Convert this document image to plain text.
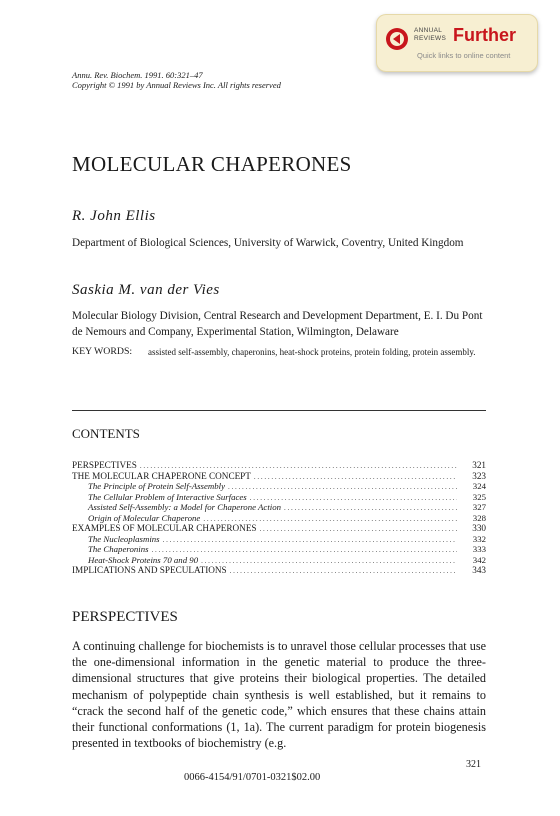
ANNUAL
REVIEWS Further
Quick links to online content
Annu. Rev. Biochem. 1991. 60:321–47
Copyright © 1991 by Annual Reviews Inc. All rights reserved
MOLECULAR CHAPERONES
R. John Ellis
Department of Biological Sciences, University of Warwick, Coventry, United Kingdom
Saskia M. van der Vies
Molecular Biology Division, Central Research and Development Department, E. I. Du Pont de Nemours and Company, Experimental Station, Wilmington, Delaware
KEY WORDS: assisted self-assembly, chaperonins, heat-shock proteins, protein folding, protein assembly.
CONTENTS
PERSPECTIVES . . .	321
THE MOLECULAR CHAPERONE CONCEPT . . .	323
The Principle of Protein Self-Assembly . . .	324
The Cellular Problem of Interactive Surfaces . . .	325
Assisted Self-Assembly: a Model for Chaperone Action . . .	327
Origin of Molecular Chaperone . . .	328
EXAMPLES OF MOLECULAR CHAPERONES . . .	330
The Nucleoplasmins . . .	332
The Chaperonins . . .	333
Heat-Shock Proteins 70 and 90 . . .	342
IMPLICATIONS AND SPECULATIONS . . .	343
PERSPECTIVES
A continuing challenge for biochemists is to unravel those cellular processes that use the one-dimensional information in the genetic material to produce the three-dimensional structures that give proteins their biological properties. The detailed mechanism of polypeptide chain synthesis is well established, but it remains to “crack the second half of the genetic code,” which ensures that these chains attain their functional conformations (1, 1a). The current paradigm for protein biogenesis presented in textbooks of biochemistry (e.g.
321
0066-4154/91/0701-0321$02.00
